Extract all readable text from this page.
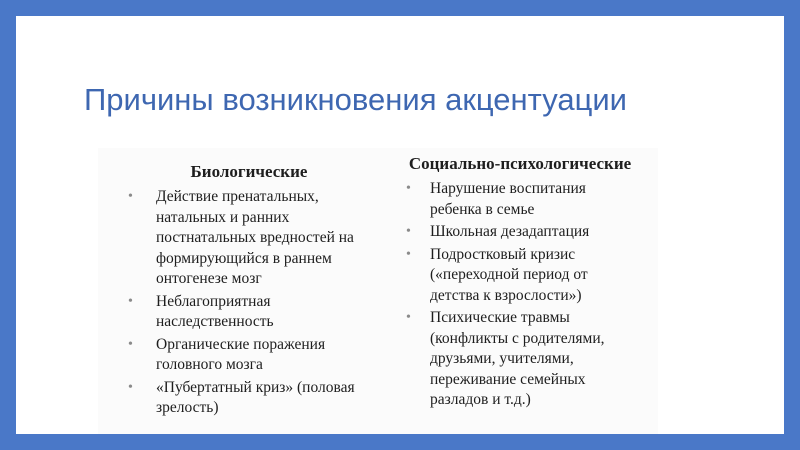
Причины возникновения акцентуации
Биологические
• Действие пренатальных, натальных и ранних постнатальных вредностей на формирующийся в раннем онтогенезе мозг
• Неблагоприятная наследственность
• Органические поражения головного мозга
• «Пубертатный криз» (половая зрелость)
Социально-психологические
• Нарушение воспитания ребенка в семье
• Школьная дезадаптация
• Подростковый кризис («переходной период от детства к взрослости»)
• Психические травмы (конфликты с родителями, друзьями, учителями, переживание семейных разладов и т.д.)
